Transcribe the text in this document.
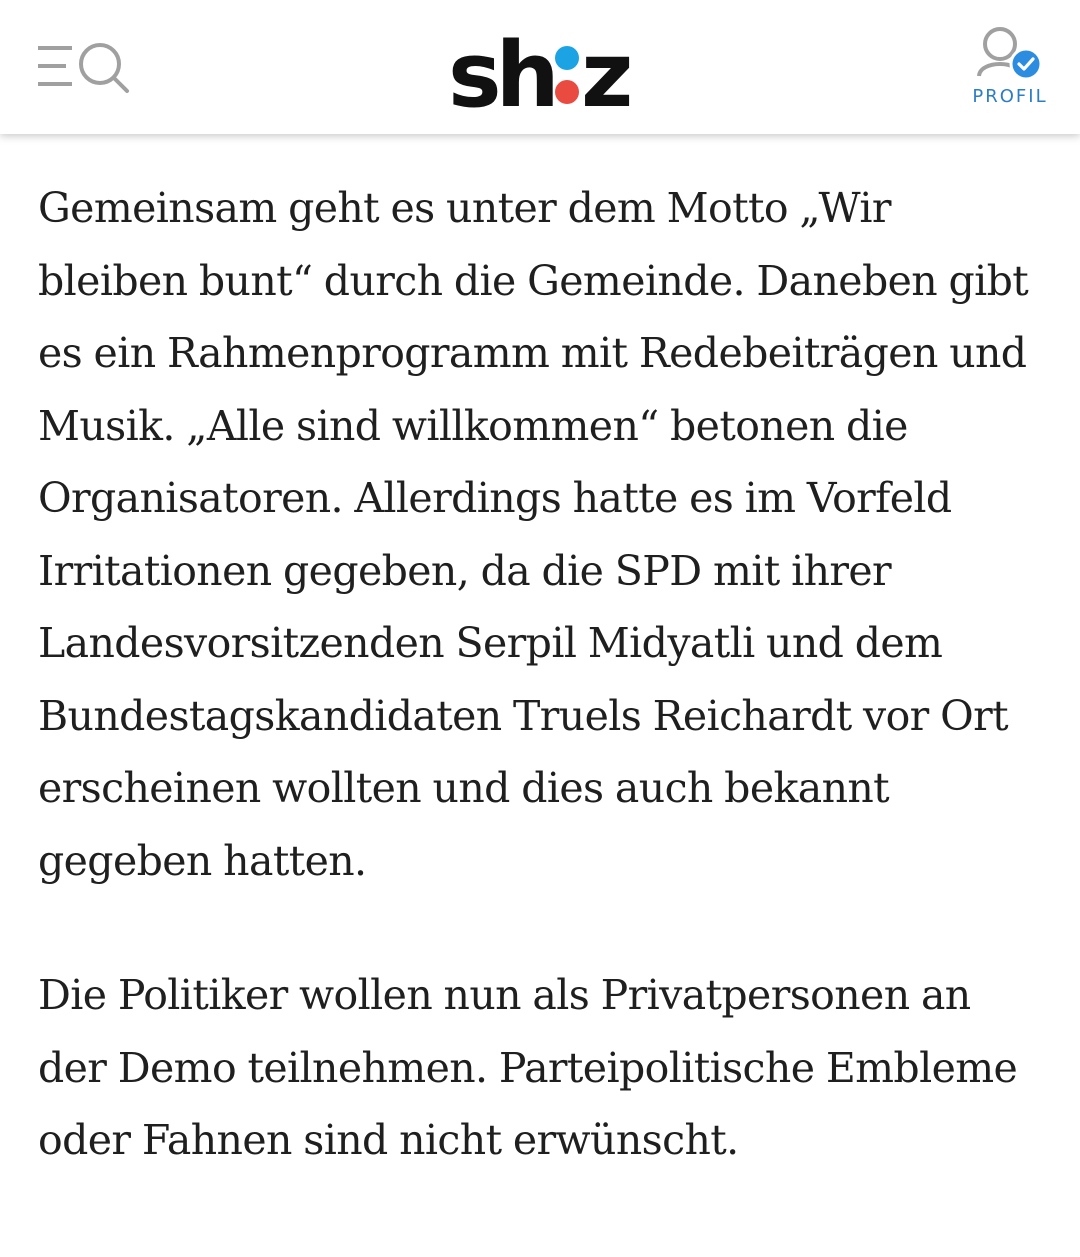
sh z	PROFIL

Gemeinsam geht es unter dem Motto „Wir bleiben bunt“ durch die Gemeinde. Daneben gibt es ein Rahmenprogramm mit Redebeiträgen und Musik. „Alle sind willkommen“ betonen die Organisatoren. Allerdings hatte es im Vorfeld Irritationen gegeben, da die SPD mit ihrer Landesvorsitzenden Serpil Midyatli und dem Bundestagskandidaten Truels Reichardt vor Ort erscheinen wollten und dies auch bekannt gegeben hatten.

Die Politiker wollen nun als Privatpersonen an der Demo teilnehmen. Parteipolitische Embleme oder Fahnen sind nicht erwünscht.
